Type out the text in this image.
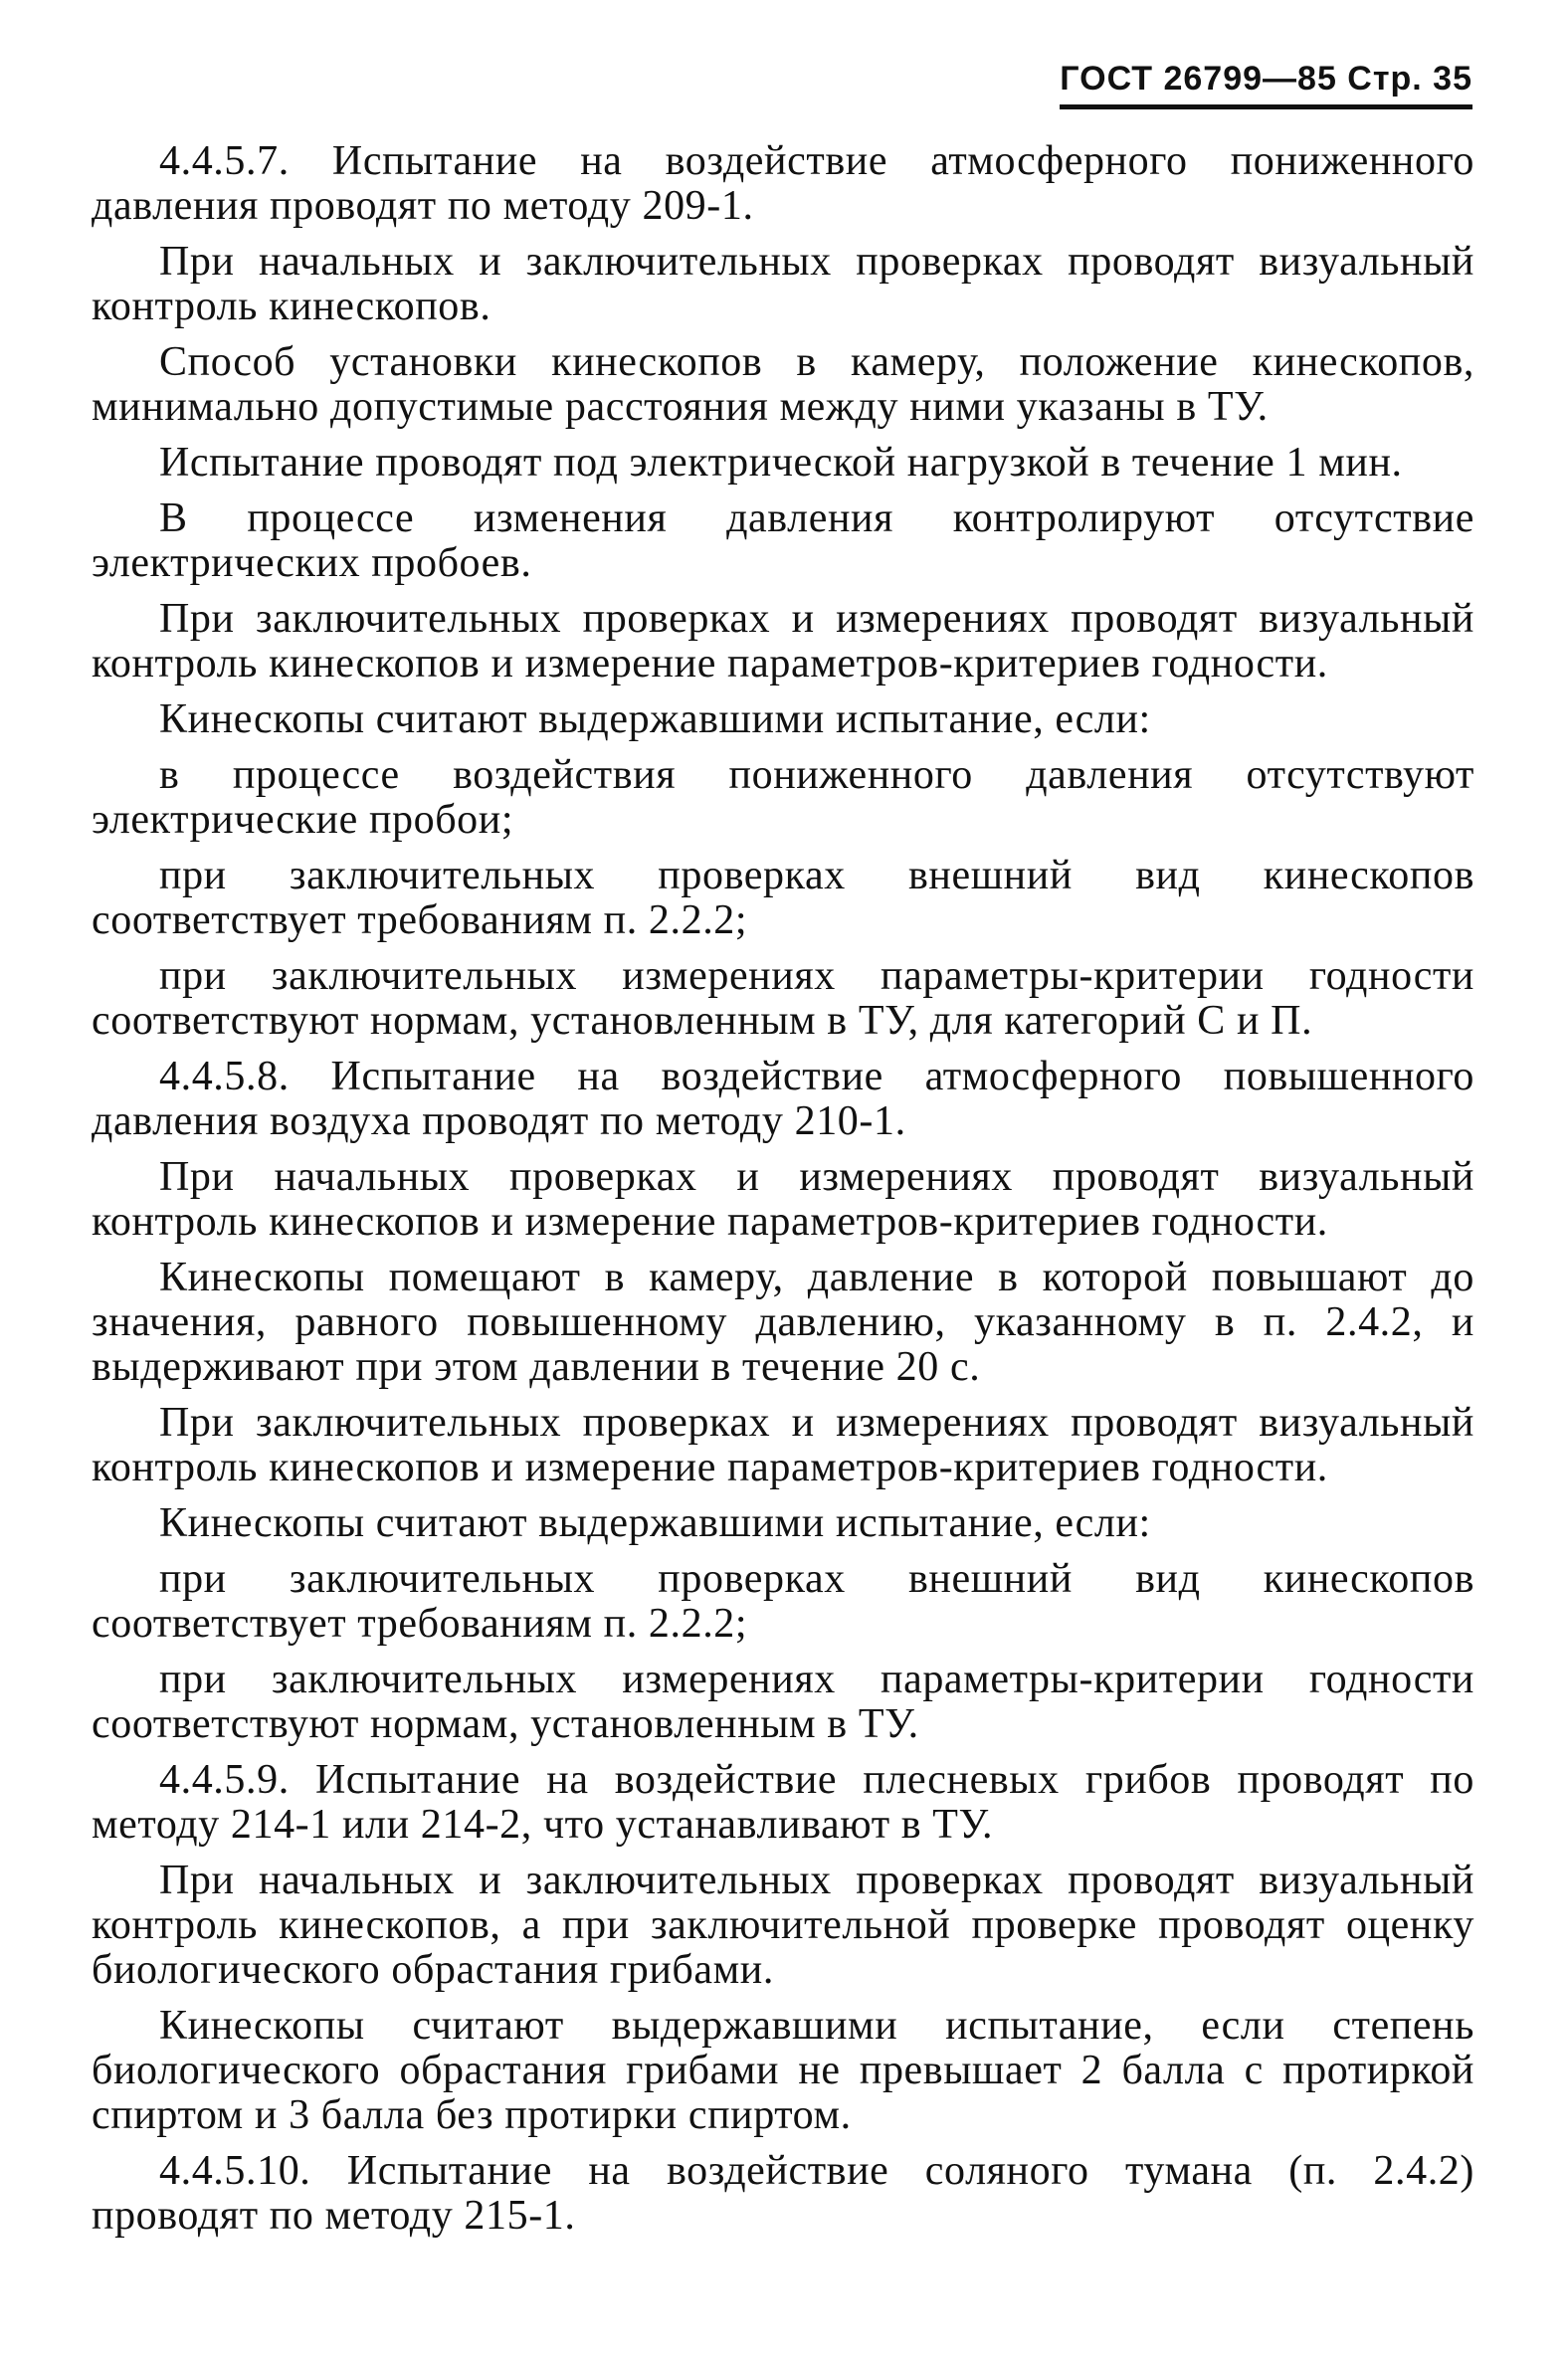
ГОСТ 26799—85 Стр. 35

4.4.5.7. Испытание на воздействие атмосферного пониженного давления проводят по методу 209-1.

При начальных и заключительных проверках проводят визуальный контроль кинескопов.

Способ установки кинескопов в камеру, положение кинескопов, минимально допустимые расстояния между ними указаны в ТУ.

Испытание проводят под электрической нагрузкой в течение 1 мин.

В процессе изменения давления контролируют отсутствие электрических пробоев.

При заключительных проверках и измерениях проводят визуальный контроль кинескопов и измерение параметров-критериев годности.

Кинескопы считают выдержавшими испытание, если:

в процессе воздействия пониженного давления отсутствуют электрические пробои;

при заключительных проверках внешний вид кинескопов соответствует требованиям п. 2.2.2;

при заключительных измерениях параметры-критерии годности соответствуют нормам, установленным в ТУ, для категорий С и П.

4.4.5.8. Испытание на воздействие атмосферного повышенного давления воздуха проводят по методу 210-1.

При начальных проверках и измерениях проводят визуальный контроль кинескопов и измерение параметров-критериев годности.

Кинескопы помещают в камеру, давление в которой повышают до значения, равного повышенному давлению, указанному в п. 2.4.2, и выдерживают при этом давлении в течение 20 с.

При заключительных проверках и измерениях проводят визуальный контроль кинескопов и измерение параметров-критериев годности.

Кинескопы считают выдержавшими испытание, если:

при заключительных проверках внешний вид кинескопов соответствует требованиям п. 2.2.2;

при заключительных измерениях параметры-критерии годности соответствуют нормам, установленным в ТУ.

4.4.5.9. Испытание на воздействие плесневых грибов проводят по методу 214-1 или 214-2, что устанавливают в ТУ.

При начальных и заключительных проверках проводят визуальный контроль кинескопов, а при заключительной проверке проводят оценку биологического обрастания грибами.

Кинескопы считают выдержавшими испытание, если степень биологического обрастания грибами не превышает 2 балла с протиркой спиртом и 3 балла без протирки спиртом.

4.4.5.10. Испытание на воздействие соляного тумана (п. 2.4.2) проводят по методу 215-1.
